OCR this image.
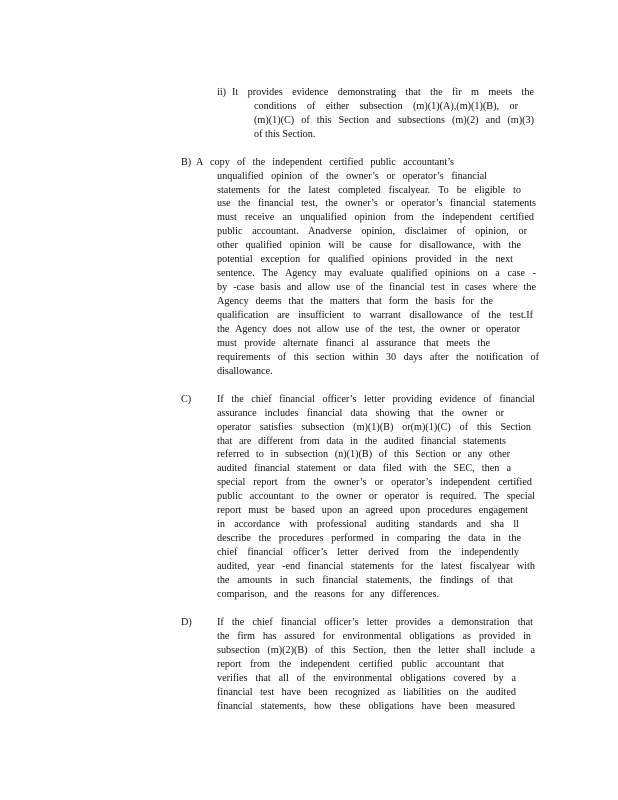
ii) It provides evidence demonstrating that the fir m meets the

conditions of either subsection (m)(1)(A),(m)(1)(B), or

(m)(1)(C) of this Section and subsections (m)(2) and (m)(3)

of this Section.

B) A copy of the independent certified public accountant’s

unqualified opinion of the owner’s or operator’s financial

statements for the latest completed fiscalyear. To be eligible to

use the financial test, the owner’s or operator’s financial statements

must receive an unqualified opinion from the independent certified

public accountant. Anadverse opinion, disclaimer of opinion, or

other qualified opinion will be cause for disallowance, with the

potential exception for qualified opinions provided in the next

sentence. The Agency may evaluate qualified opinions on a case -

by -case basis and allow use of the financial test in cases where the

Agency deems that the matters that form the basis for the

qualification are insufficient to warrant disallowance of the test.If

the Agency does not allow use of the test, the owner or operator

must provide alternate financi al assurance that meets the

requirements of this section within 30 days after the notification of

disallowance.

C)	If the chief financial officer’s letter providing evidence of financial

assurance includes financial data showing that the owner or

operator satisfies subsection (m)(1)(B) or(m)(1)(C) of this Section

that are different from data in the audited financial statements

referred to in subsection (n)(1)(B) of this Section or any other

audited financial statement or data filed with the SEC, then a

special report from the owner’s or operator’s independent certified

public accountant to the owner or operator is required. The special

report must be based upon an agreed upon procedures engagement

in accordance with professional auditing standards and sha ll

describe the procedures performed in comparing the data in the

chief financial officer’s letter derived from the independently

audited, year -end financial statements for the latest fiscalyear with

the amounts in such financial statements, the findings of that

comparison, and the reasons for any differences.

D) If the chief financial officer’s letter provides a demonstration that

the firm has assured for environmental obligations as provided in

subsection (m)(2)(B) of this Section, then the letter shall include a

report from the independent certified public accountant that

verifies that all of the environmental obligations covered by a

financial test have been recognized as liabilities on the audited

financial statements, how these obligations have been measured
